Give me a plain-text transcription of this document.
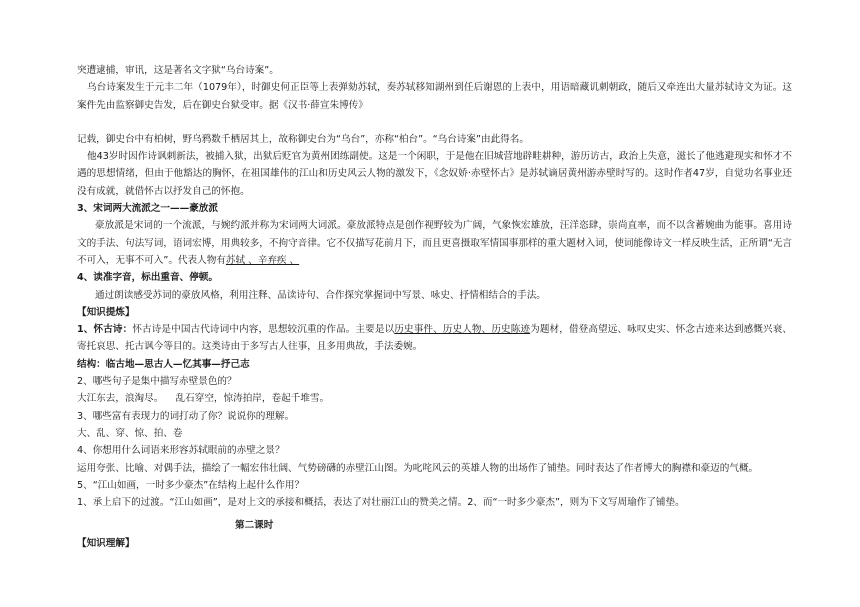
突遭逮捕，审讯，这是著名文字狱“乌台诗案”。

乌台诗案发生于元丰二年（1079年），时御史何正臣等上表弹劾苏轼，奏苏轼移知湖州到任后谢恩的上表中，用语暗藏讥刺朝政，随后又牵连出大量苏轼诗文为证。这案件先由监察御史告发，后在御史台狱受审。据《汉书·薛宣朱博传》

记载，御史台中有柏树，野乌鸦数千栖居其上，故称御史台为“乌台”，亦称“柏台”。“乌台诗案”由此得名。

他43岁时因作诗讽刺新法，被捕入狱，出狱后贬官为黄州团练副使。这是一个闲职，于是他在旧城营地辟畦耕种，游历访古，政治上失意，滋长了他逃避现实和怀才不遇的思想情绪，但由于他豁达的胸怀，在祖国雄伟的江山和历史风云人物的激发下，《念奴娇·赤壁怀古》是苏轼谪居黄州游赤壁时写的。这时作者47岁，自觉功名事业还没有成就，就借怀古以抒发自己的怀抱。

3、宋词两大流派之一——豪放派

豪放派是宋词的一个流派，与婉约派并称为宋词两大词派。豪放派特点是创作视野较为广阔，气象恢宏雄放，汪洋恣肆，崇尚直率，而不以含蓄婉曲为能事。喜用诗文的手法、句法写词，语词宏博，用典较多，不拘守音律。它不仅描写花前月下，而且更喜摄取军情国事那样的重大题材入词，使词能像诗文一样反映生活，正所谓“无言不可入，无事不可入”。代表人物有苏轼 、辛弃疾 、

4、读准字音，标出重音、停顿。

通过朗读感受苏词的豪放风格，利用注释、品读诗句、合作探究掌握词中写景、咏史、抒情相结合的手法。

【知识提炼】

1、怀古诗：怀古诗是中国古代诗词中内容，思想较沉重的作品。主要是以历史事件、历史人物、历史陈迹为题材，借登高望远、咏叹史实、怀念古迹来达到感慨兴衰、寄托哀思、托古讽今等目的。这类诗由于多写古人往事，且多用典故，手法委婉。

结构：临古地—思古人—忆其事—抒己志

2、哪些句子是集中描写赤壁景色的？

大江东去，浪淘尽。    乱石穿空，惊涛拍岸，卷起千堆雪。

3、哪些富有表现力的词打动了你？说说你的理解。

大、乱、穿、惊、拍、卷

4、你想用什么词语来形容苏轼眼前的赤壁之景？

运用夸张、比喻、对偶手法，描绘了一幅宏伟壮阔、气势磅礴的赤壁江山图。为叱咤风云的英雄人物的出场作了铺垫。同时表达了作者博大的胸襟和豪迈的气概。

5、“江山如画，一时多少豪杰”在结构上起什么作用？

1、承上启下的过渡。“江山如画”，是对上文的承接和概括，表达了对壮丽江山的赞美之情。2、而“一时多少豪杰”，则为下文写周瑜作了铺垫。

第二课时

【知识理解】
